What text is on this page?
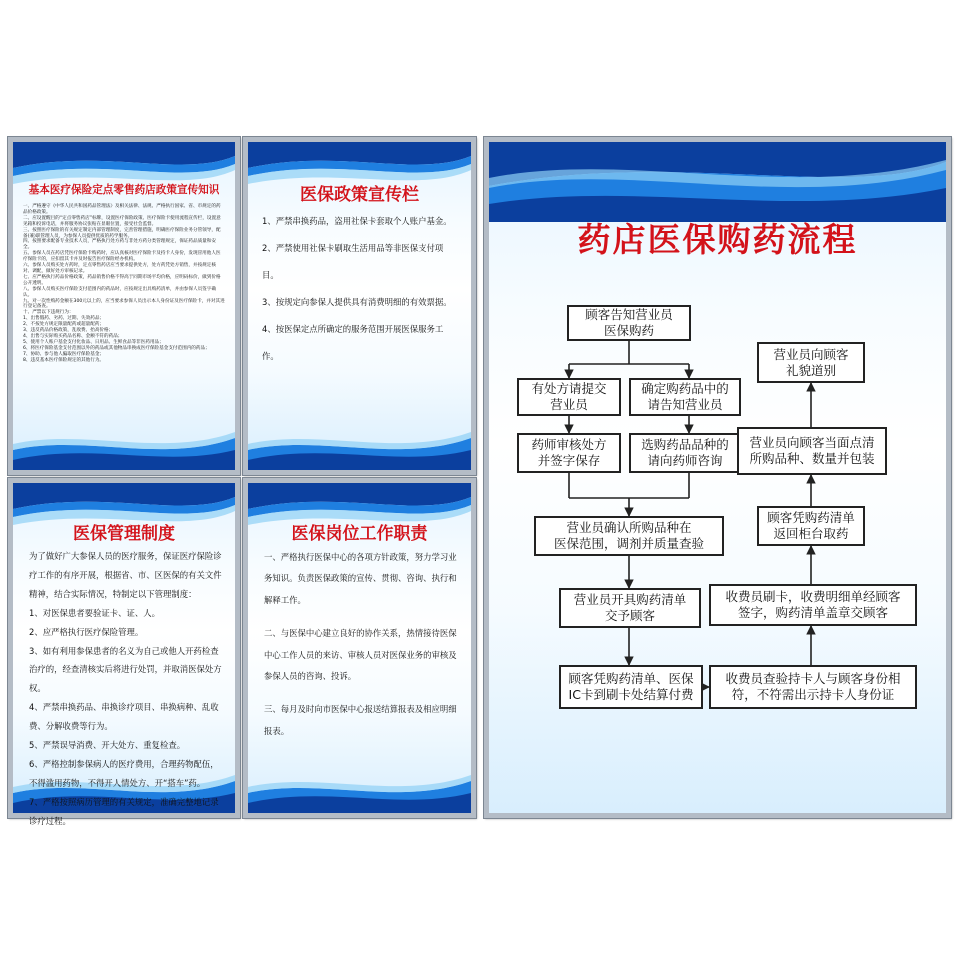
基本医疗保险定点零售药店政策宣传知识

一、严格遵守《中华人民共和国药品管理法》及相关法律、法规、严格执行国家、省、市规定的药品价格政策。

二、应设置醒目的“定点零售药店”标牌，设置医疗保险政策、医疗保险卡使用流程宣传栏，设置意见箱和投诉电话，并将服务协议张贴在显眼位置，接受社会监督。

三、按照医疗保险的有关规定制定内部管理制度，完善管理措施，明确医疗保险业务分管领导，配备(兼)职管理人员，为参保人员提供优质的药学服务。

四、按照要求配备专业技术人员，严格执行处方药与非处方药分类管理规定，保证药品质量和安全。

五、参保人员在药店凭医疗保险卡购药时，应认真核对医疗保险卡及持卡人身份，发现冒用他人医疗保险卡的，应扣留其卡并及时报告医疗保险经办机构。

六、参保人员购买处方药时，定点零售药店应当要求提供处方，处方药凭处方销售，并按规定核对、调配，做好处方审核记录。

七、应严格执行药品价格政策，药品销售价格不得高于同期市场平均价格，应明码标价，做到价格公开透明。

八、参保人员购买医疗保险支付范围内的药品时，应按规定出具购药清单，并由参保人员签字确认。

九、对一次性购药金额在300元以上的，应当要求参保人员出示本人身份证及医疗保险卡，并对其进行登记备查。

十、严禁以下违规行为：

1、出售假药、劣药、过期、失效药品；

2、不按处方规定限量配药或超量配药；

3、违反药品价格政策，乱收费、抬高价格；

4、出售与实际购买药品名称、金额不符的药品；

5、使用个人账户基金支付化妆品、日用品、生鲜食品等非医药用品；

6、将医疗保险基金支付范围以外的药品或其他物品串换成医疗保险基金支付范围内的药品；

7、协助、参与他人骗取医疗保险基金；

8、违反基本医疗保险规定的其他行为。

医保政策宣传栏

1、严禁串换药品，盗用社保卡套取个人账户基金。

2、严禁使用社保卡刷取生活用品等非医保支付项目。

3、按规定向参保人提供具有消费明细的有效票据。

4、按医保定点所确定的服务范围开展医保服务工作。

医保管理制度

为了做好广大参保人员的医疗服务，保证医疗保险诊疗工作的有序开展，根据省、市、区医保的有关文件精神，结合实际情况，特制定以下管理制度：

1、对医保患者要验证卡、证、人。

2、应严格执行医疗保险管理。

3、如有利用参保患者的名义为自己或他人开药检查治疗的，经查清核实后将进行处罚，并取消医保处方权。

4、严禁串换药品、串换诊疗项目、串换病种、乱收费、分解收费等行为。

5、严禁误导消费、开大处方、重复检查。

6、严格控制参保病人的医疗费用，合理药物配伍，不得滥用药物，不得开人情处方、开“搭车”药。

7、严格按照病历管理的有关规定，准确完整地记录诊疗过程。

医保岗位工作职责

一、严格执行医保中心的各项方针政策，努力学习业务知识。负责医保政策的宣传、贯彻、咨询、执行和解释工作。

二、与医保中心建立良好的协作关系，热情接待医保中心工作人员的来访、审核人员对医保业务的审核及参保人员的咨询、投诉。

三、每月及时向市医保中心报送结算报表及相应明细报表。

药店医保购药流程
顾客告知营业员
医保购药
有处方请提交
营业员
确定购药品中的
请告知营业员
药师审核处方
并签字保存
选购药品品种的
请向药师咨询
营业员确认所购品种在
医保范围，调剂并质量查验
营业员开具购药清单
交予顾客
顾客凭购药清单、医保
IC卡到刷卡处结算付费
收费员查验持卡人与顾客身份相
符，不符需出示持卡人身份证
收费员刷卡，收费明细单经顾客
签字，购药清单盖章交顾客
顾客凭购药清单
返回柜台取药
营业员向顾客当面点清
所购品种、数量并包装
营业员向顾客
礼貌道别
